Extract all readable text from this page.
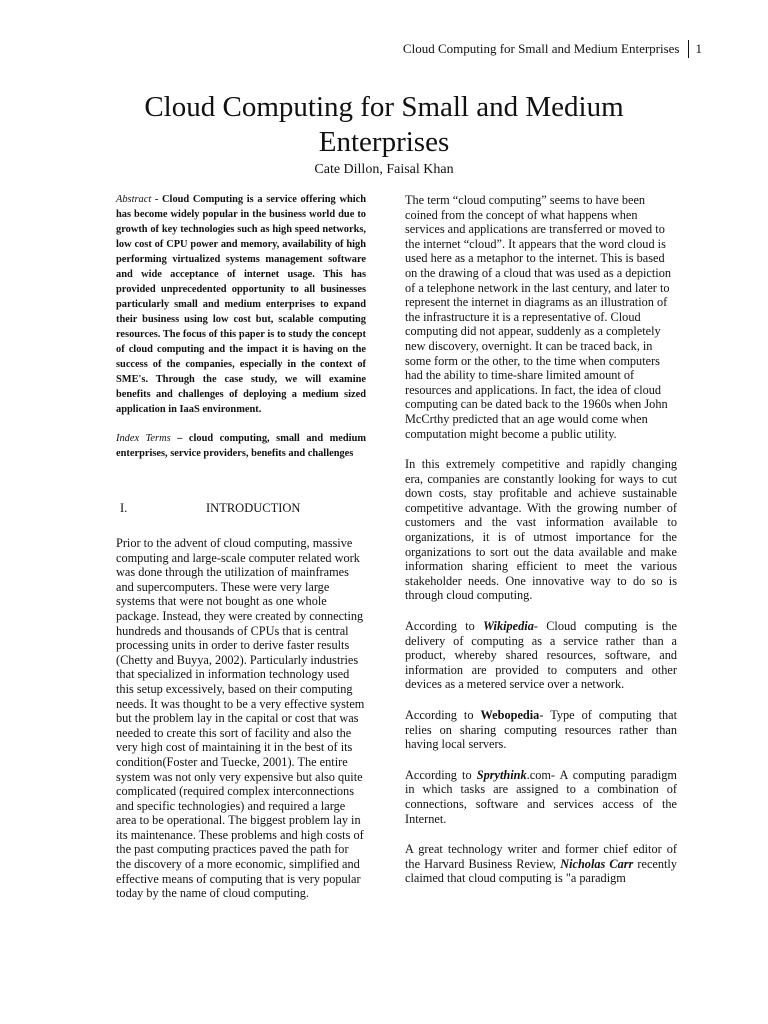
Cloud Computing for Small and Medium Enterprises 1
Cloud Computing for Small and Medium
Enterprises
Cate Dillon, Faisal Khan

Abstract - Cloud Computing is a service offering which has become widely popular in the business world due to growth of key technologies such as high speed networks, low cost of CPU power and memory, availability of high performing virtualized systems management software and wide acceptance of internet usage. This has provided unprecedented opportunity to all businesses particularly small and medium enterprises to expand their business using low cost but, scalable computing resources. The focus of this paper is to study the concept of cloud computing and the impact it is having on the success of the companies, especially in the context of SME's. Through the case study, we will examine benefits and challenges of deploying a medium sized application in IaaS environment.

Index Terms – cloud computing, small and medium enterprises, service providers, benefits and challenges

I.	INTRODUCTION

Prior to the advent of cloud computing, massive computing and large-scale computer related work was done through the utilization of mainframes and supercomputers. These were very large systems that were not bought as one whole package. Instead, they were created by connecting hundreds and thousands of CPUs that is central processing units in order to derive faster results (Chetty and Buyya, 2002). Particularly industries that specialized in information technology used this setup excessively, based on their computing needs. It was thought to be a very effective system but the problem lay in the capital or cost that was needed to create this sort of facility and also the very high cost of maintaining it in the best of its condition(Foster and Tuecke, 2001). The entire system was not only very expensive but also quite complicated (required complex interconnections and specific technologies) and required a large area to be operational. The biggest problem lay in its maintenance. These problems and high costs of the past computing practices paved the path for the discovery of a more economic, simplified and effective means of computing that is very popular today by the name of cloud computing.

The term “cloud computing” seems to have been coined from the concept of what happens when services and applications are transferred or moved to the internet “cloud”. It appears that the word cloud is used here as a metaphor to the internet. This is based on the drawing of a cloud that was used as a depiction of a telephone network in the last century, and later to represent the internet in diagrams as an illustration of the infrastructure it is a representative of. Cloud computing did not appear, suddenly as a completely new discovery, overnight. It can be traced back, in some form or the other, to the time when computers had the ability to time-share limited amount of resources and applications. In fact, the idea of cloud computing can be dated back to the 1960s when John McCrthy predicted that an age would come when computation might become a public utility.

In this extremely competitive and rapidly changing era, companies are constantly looking for ways to cut down costs, stay profitable and achieve sustainable competitive advantage. With the growing number of customers and the vast information available to organizations, it is of utmost importance for the organizations to sort out the data available and make information sharing efficient to meet the various stakeholder needs. One innovative way to do so is through cloud computing.

According to Wikipedia- Cloud computing is the delivery of computing as a service rather than a product, whereby shared resources, software, and information are provided to computers and other devices as a metered service over a network.

According to Webopedia- Type of computing that relies on sharing computing resources rather than having local servers.

According to Sprythink.com- A computing paradigm in which tasks are assigned to a combination of connections, software and services access of the Internet.

A great technology writer and former chief editor of the Harvard Business Review, Nicholas Carr recently claimed that cloud computing is "a paradigm
